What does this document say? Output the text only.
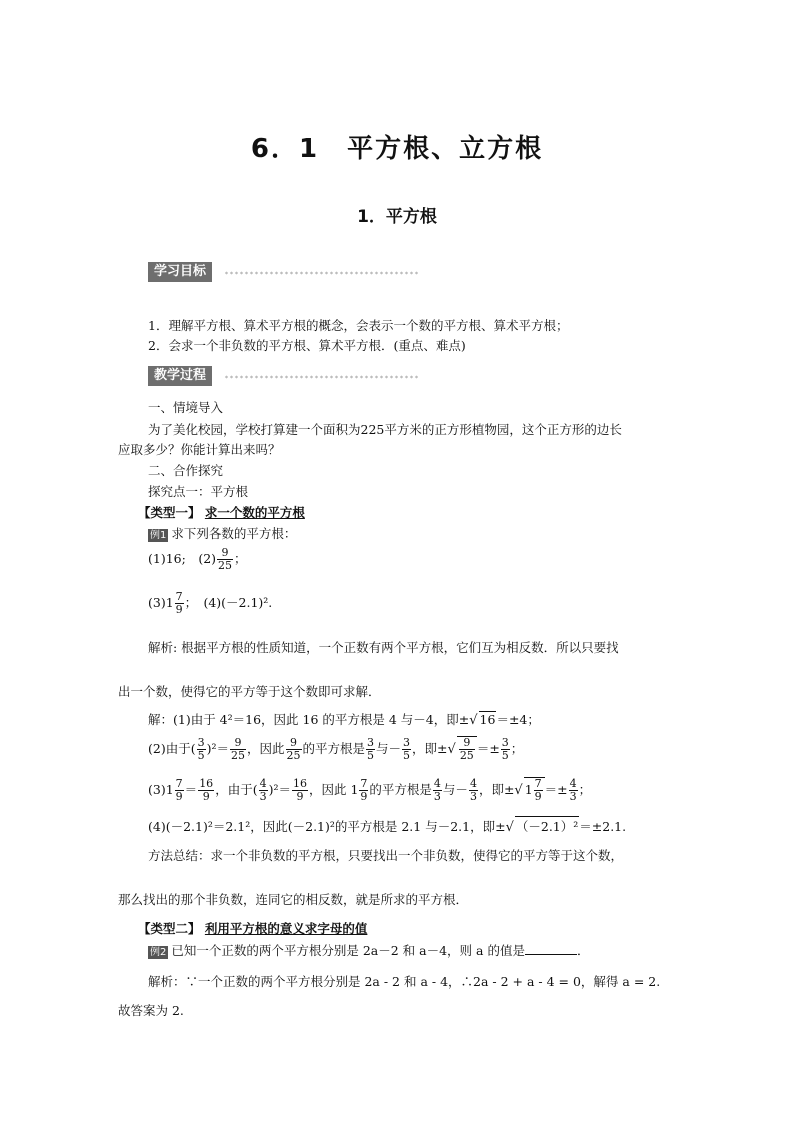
6．1　平方根、立方根
1．平方根
学习目标
1．理解平方根、算术平方根的概念，会表示一个数的平方根、算术平方根；
2．会求一个非负数的平方根、算术平方根．(重点、难点)
教学过程
一、情境导入
为了美化校园，学校打算建一个面积为225平方米的正方形植物园，这个正方形的边长
应取多少？你能计算出来吗？
二、合作探究
探究点一：平方根
【类型一】 求一个数的平方根
例1 求下列各数的平方根：
(1)16;　$(2) \frac{9}{25}$ ；
$(3)1 \frac{7}{9}$ ；　(4)(－2.1)².
解析: 根据平方根的性质知道，一个正数有两个平方根，它们互为相反数．所以只要找
出一个数，使得它的平方等于这个数即可求解．
解：(1)由于 4²＝16，因此 16 的平方根是 4 与－4，即±√ 16＝±4；
(2)由于( $\frac{3}{5} )^2= \frac{9}{25}$ ，因此 $\frac{9}{25}$ 的平方根是 $\frac{3}{5}$ 与－ $\frac{3}{5}$ ，即±√ $\frac{9}{25} =\pm \frac{3}{5}$ ；
$(3)1 \frac{7}{9} = \frac{16}{9}$ ，由于( $\frac{4}{3} )^2= \frac{16}{9}$ ，因此 $1 \frac{7}{9}$ 的平方根是 $\frac{4}{3}$ 与－ $\frac{4}{3}$ ，即±√ $1 \frac{7}{9} =\pm \frac{4}{3}$ ；
(4)(－2.1)²＝2.1²，因此(－2.1)²的平方根是 2.1 与－2.1，即±√ （－2.1）²＝±2.1.
方法总结：求一个非负数的平方根，只要找出一个非负数，使得它的平方等于这个数，
那么找出的那个非负数，连同它的相反数，就是所求的平方根．
【类型二】 利用平方根的意义求字母的值
例2 已知一个正数的两个平方根分别是 2a－2 和 a－4，则 a 的值是	．
解析：∵一个正数的两个平方根分别是 2a - 2 和 a - 4，∴2a - 2 + a - 4 = 0，解得 a = 2.
故答案为 2.
